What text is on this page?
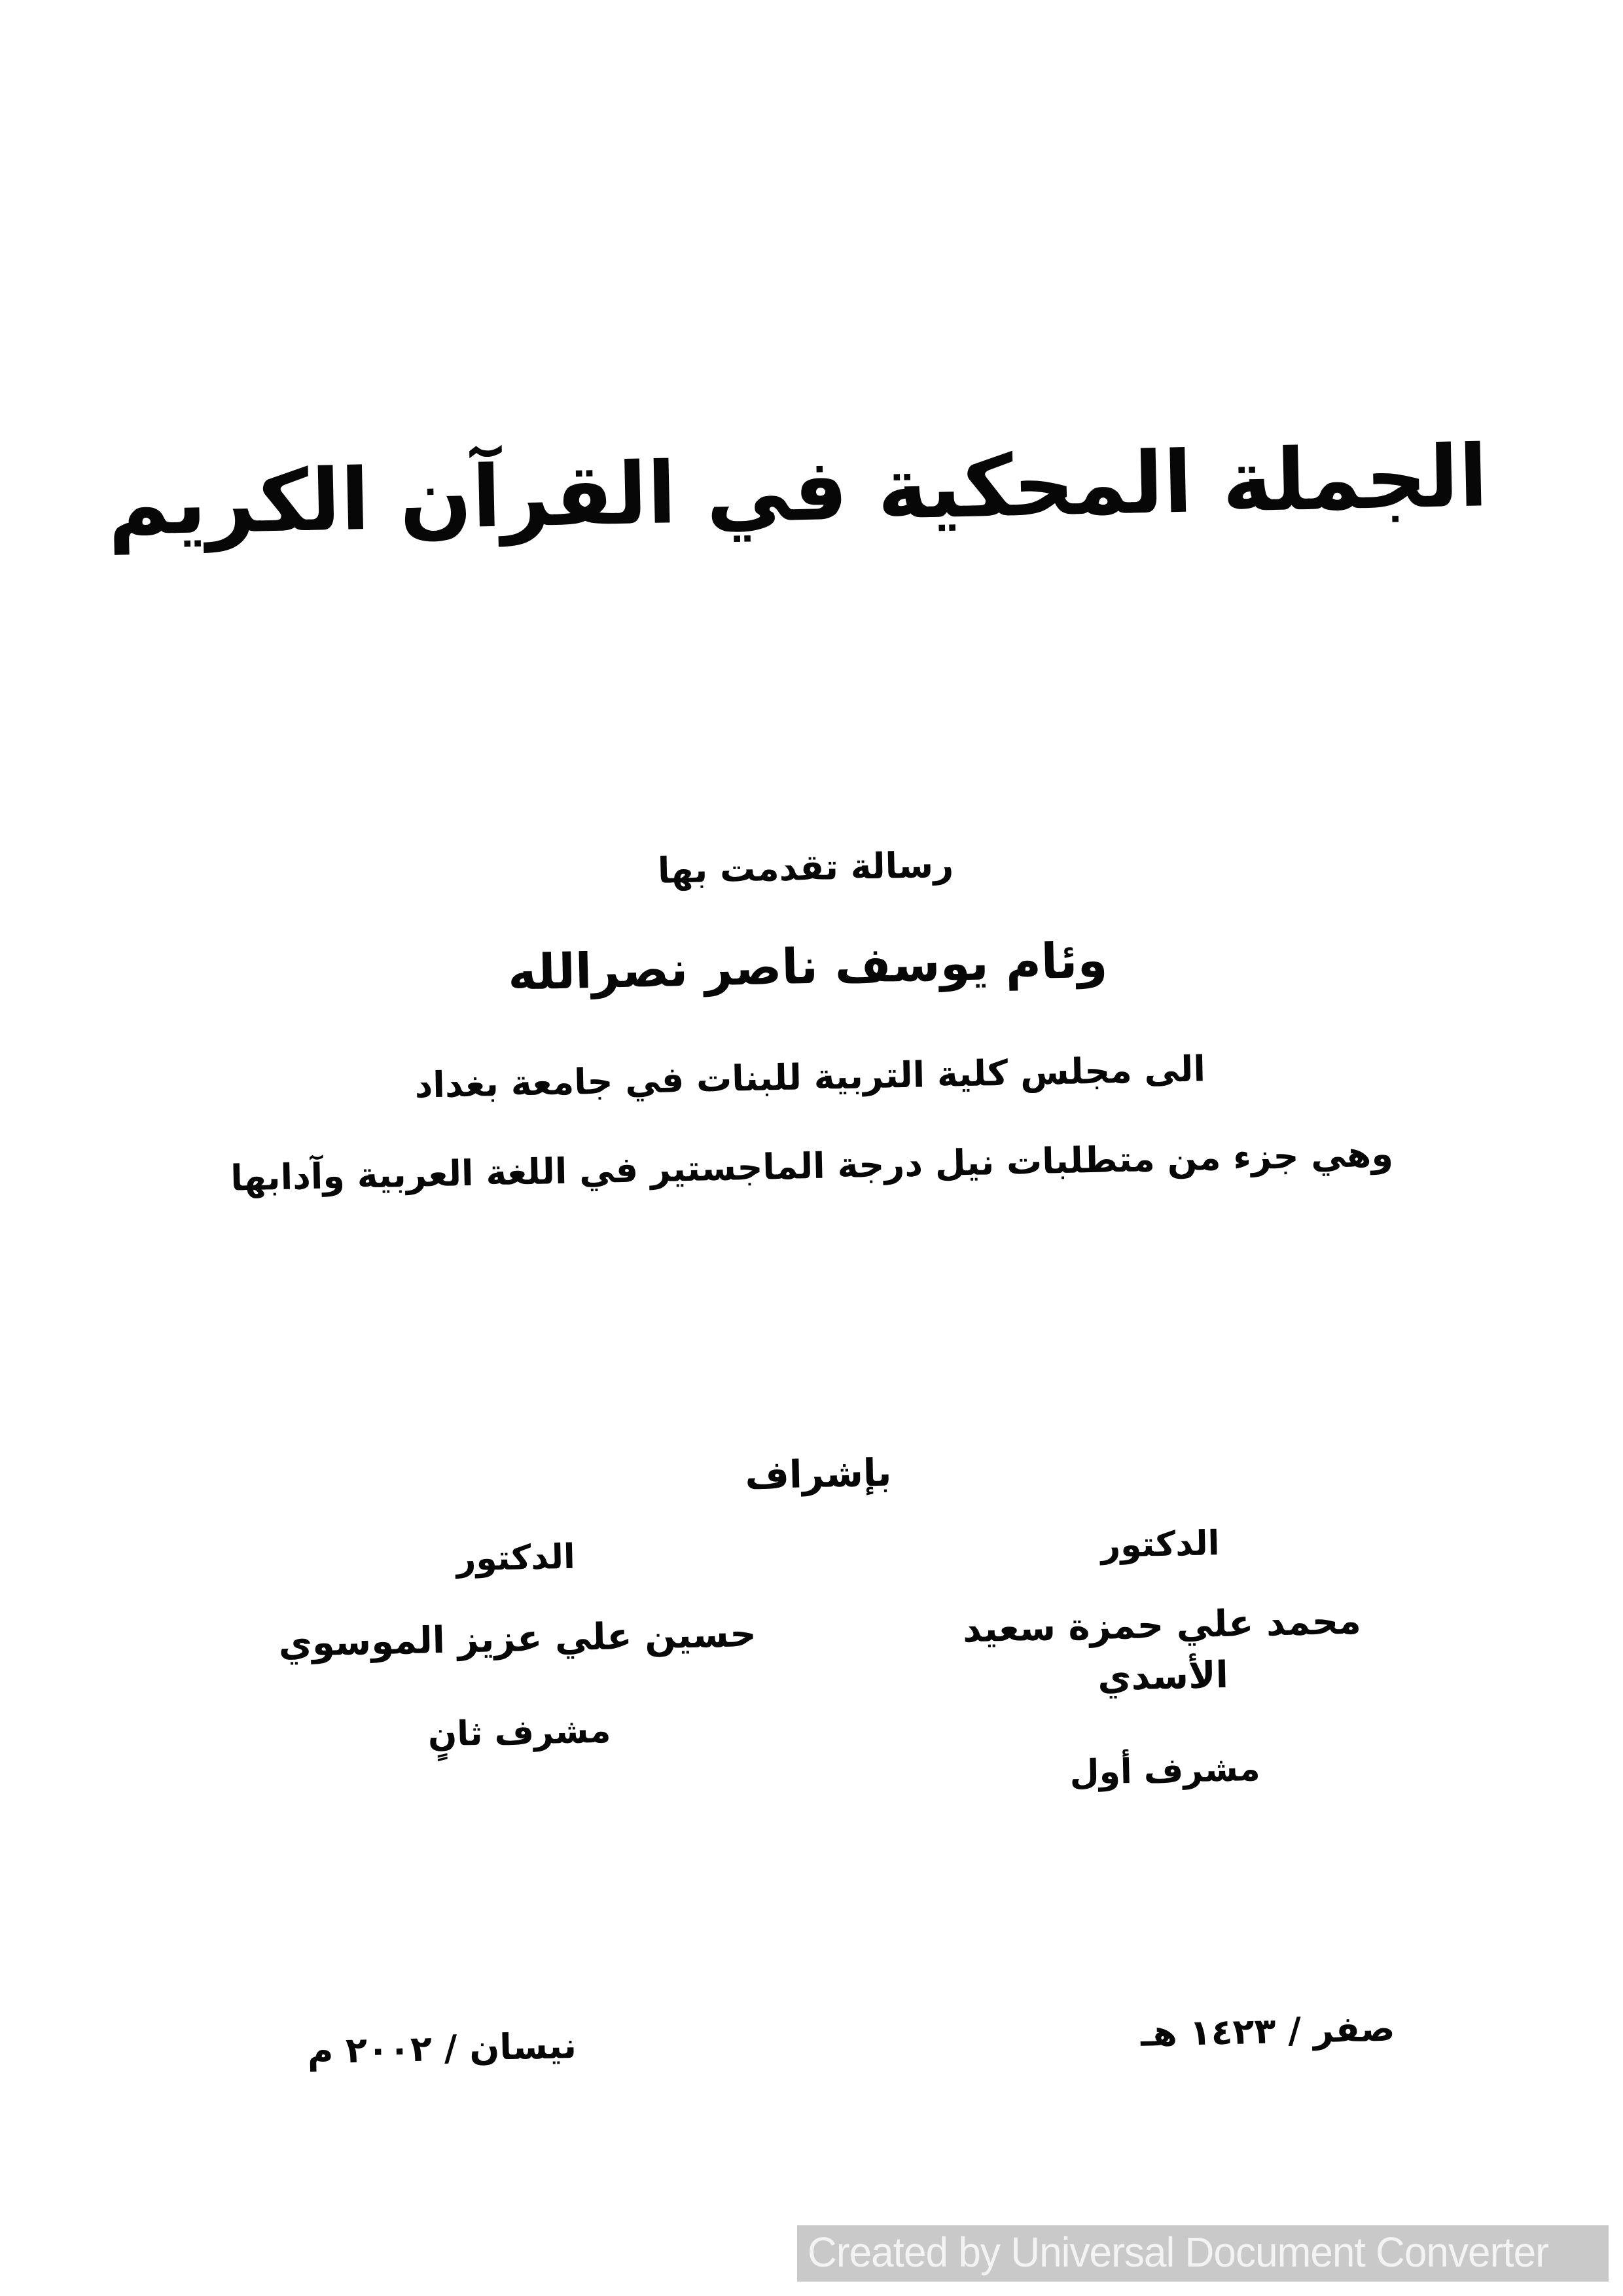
الجملة المحكية في القرآن الكريم
رسالة تقدمت بها
وئام يوسف ناصر نصرالله
الى مجلس كلية التربية للبنات في جامعة بغداد
وهي جزء من متطلبات نيل درجة الماجستير في اللغة العربية وآدابها
بإشراف
الدكتور
محمد علي حمزة سعيد الأسدي
مشرف أول
الدكتور
حسين علي عزيز الموسوي
مشرف ثانٍ
صفر / ١٤٢٣ هـ
نيسان / ٢٠٠٢ م
Created by Universal Document Converter
